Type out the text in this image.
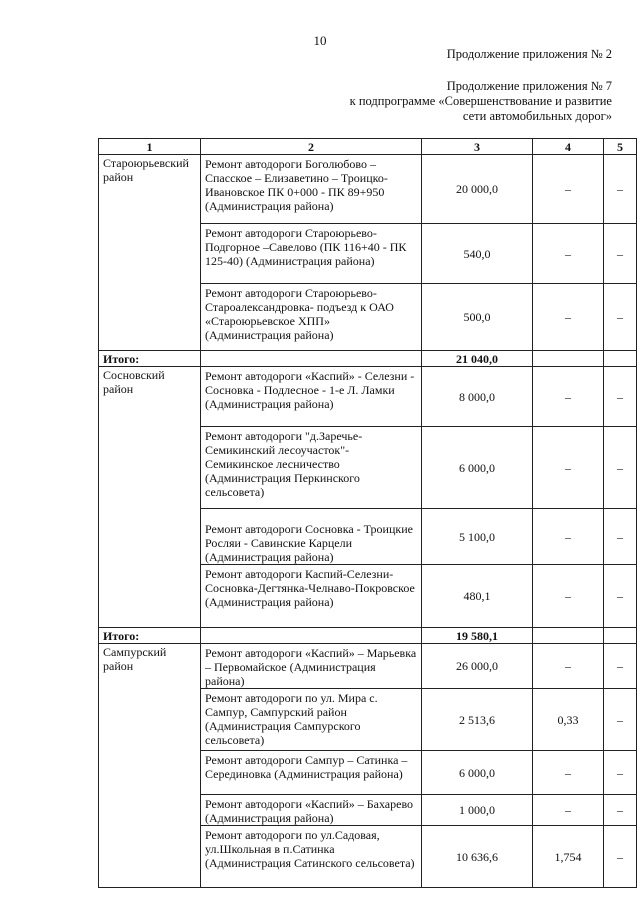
10
Продолжение приложения № 2
Продолжение приложения № 7
к подпрограмме «Совершенствование и развитие
сети автомобильных дорог»
1	2	3	4	5
Староюрьевский район	Ремонт автодороги Боголюбово – Спасское – Елизаветино – Троицко-Ивановское ПК 0+000 - ПК 89+950 (Администрация района)	20 000,0	–	–
	Ремонт автодороги Староюрьево-Подгорное –Савелово (ПК 116+40 - ПК 125-40) (Администрация района)	540,0	–	–
	Ремонт автодороги Староюрьево-Староалександровка- подъезд к ОАО «Староюрьевское ХПП» (Администрация района)	500,0	–	–
Итого:		21 040,0		
Сосновский район	Ремонт автодороги «Каспий» - Селезни - Сосновка - Подлесное - 1-е Л. Ламки (Администрация района)	8 000,0	–	–
	Ремонт автодороги "д.Заречье-Семикинский лесоучасток"-Семикинское лесничество (Администрация Перкинского сельсовета)	6 000,0	–	–
	Ремонт автодороги Сосновка - Троицкие Росляи - Савинские Карцели (Администрация района)	5 100,0	–	–
	Ремонт автодороги Каспий-Селезни-Сосновка-Дегтянка-Челнаво-Покровское (Администрация района)	480,1	–	–
Итого:		19 580,1		
Сампурский район	Ремонт автодороги «Каспий» – Марьевка – Первомайское (Администрация района)	26 000,0	–	–
	Ремонт автодороги по ул. Мира с. Сампур, Сампурский район (Администрация Сампурского сельсовета)	2 513,6	0,33	–
	Ремонт автодороги Сампур – Сатинка – Серединовка (Администрация района)	6 000,0	–	–
	Ремонт автодороги «Каспий» – Бахарево (Администрация района)	1 000,0	–	–
	Ремонт автодороги по ул.Садовая, ул.Школьная в п.Сатинка (Администрация Сатинского сельсовета)	10 636,6	1,754	–
